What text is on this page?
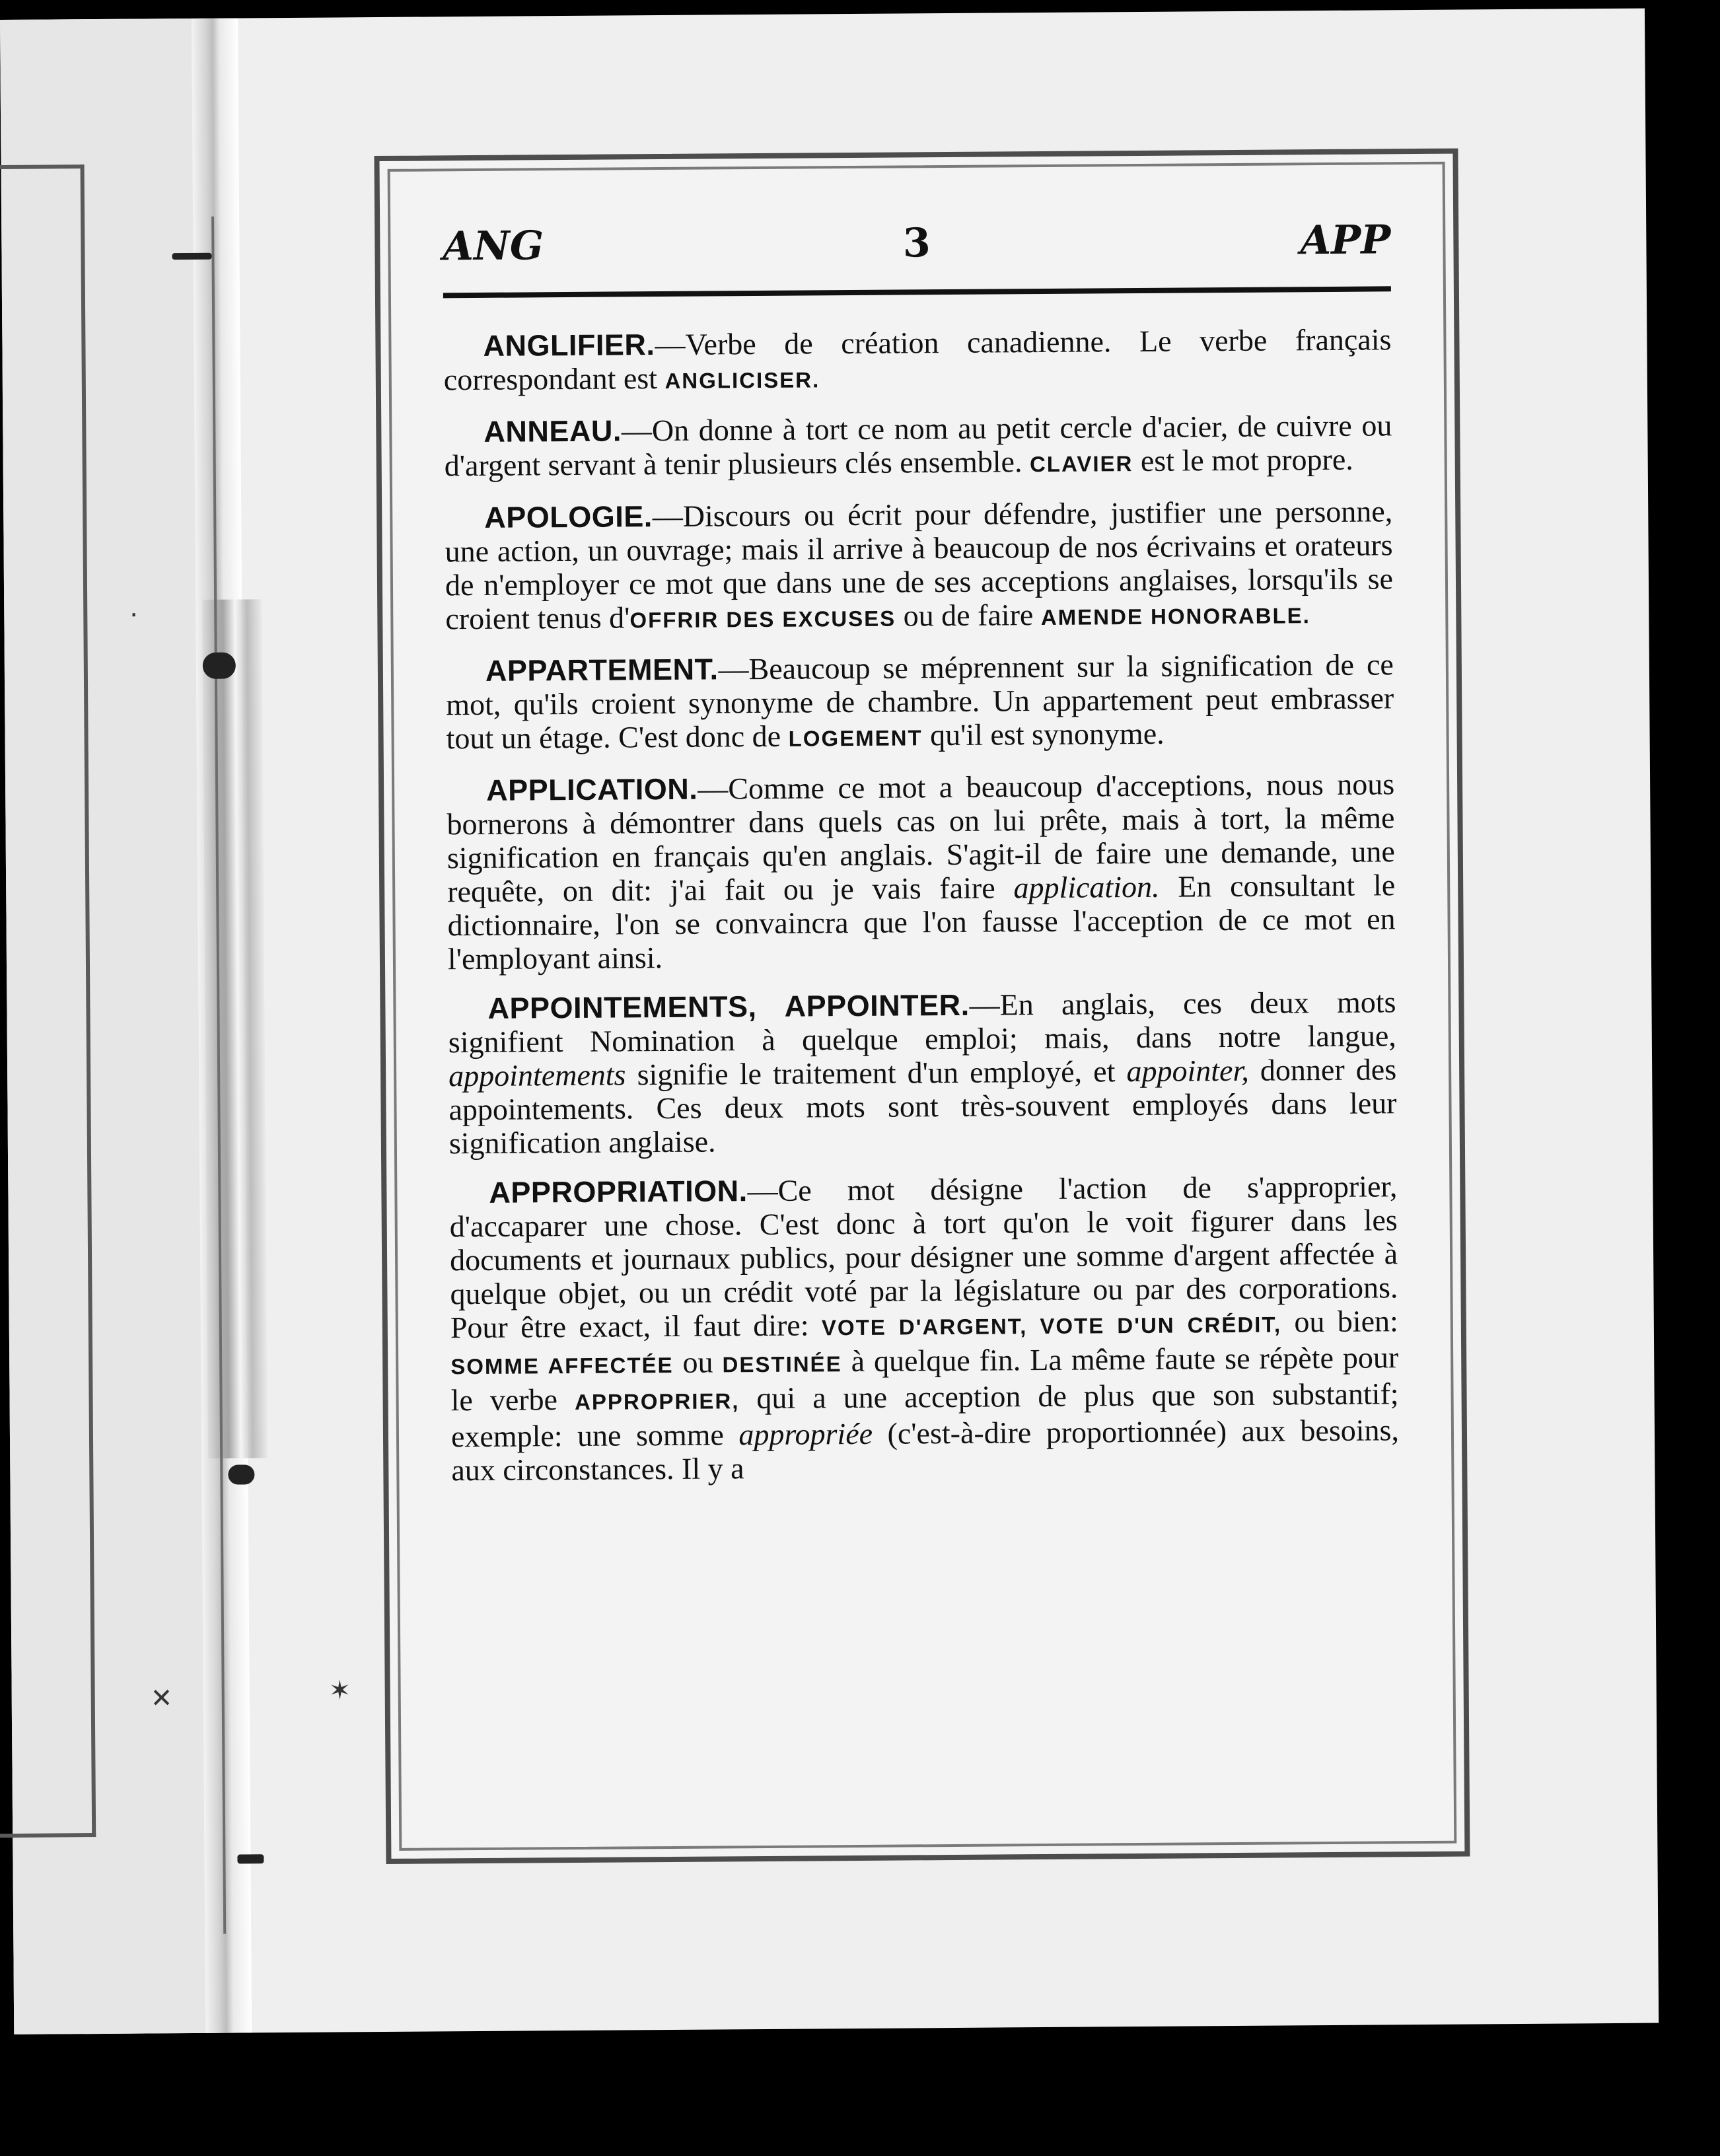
·
✕	✶
ANG	3	APP

ANGLIFIER.—Verbe de création canadienne. Le verbe français correspondant est ANGLICISER.

ANNEAU.—On donne à tort ce nom au petit cercle d'acier, de cuivre ou d'argent servant à tenir plusieurs clés ensemble. CLAVIER est le mot propre.

APOLOGIE.—Discours ou écrit pour défendre, justifier une personne, une action, un ouvrage; mais il arrive à beaucoup de nos écrivains et orateurs de n'employer ce mot que dans une de ses acceptions anglaises, lorsqu'ils se croient tenus d'OFFRIR DES EXCUSES ou de faire AMENDE HONORABLE.

APPARTEMENT.—Beaucoup se méprennent sur la signification de ce mot, qu'ils croient synonyme de chambre. Un appartement peut embrasser tout un étage. C'est donc de LOGEMENT qu'il est synonyme.

APPLICATION.—Comme ce mot a beaucoup d'acceptions, nous nous bornerons à démontrer dans quels cas on lui prête, mais à tort, la même signification en français qu'en anglais. S'agit-il de faire une demande, une requête, on dit: j'ai fait ou je vais faire application. En consultant le dictionnaire, l'on se convaincra que l'on fausse l'acception de ce mot en l'employant ainsi.

APPOINTEMENTS, APPOINTER.—En anglais, ces deux mots signifient Nomination à quelque emploi; mais, dans notre langue, appointements signifie le traitement d'un employé, et appointer, donner des appointements. Ces deux mots sont très-souvent employés dans leur signification anglaise.

APPROPRIATION.—Ce mot désigne l'action de s'approprier, d'accaparer une chose. C'est donc à tort qu'on le voit figurer dans les documents et journaux publics, pour désigner une somme d'argent affectée à quelque objet, ou un crédit voté par la législature ou par des corporations. Pour être exact, il faut dire: VOTE D'ARGENT, VOTE D'UN CRÉDIT, ou bien: SOMME AFFECTÉE ou DESTINÉE à quelque fin. La même faute se répète pour le verbe APPROPRIER, qui a une acception de plus que son substantif; exemple: une somme appropriée (c'est-à-dire proportionnée) aux besoins, aux circonstances. Il y a
